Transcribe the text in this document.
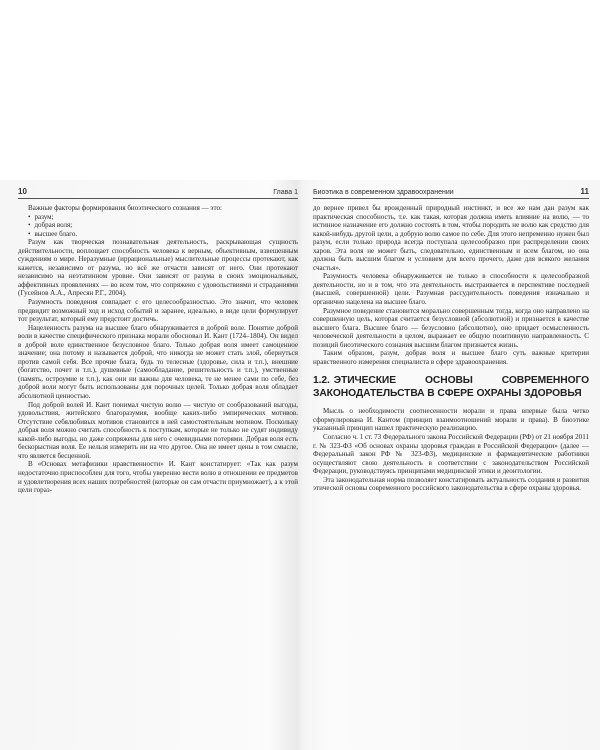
10	Глава 1

Важные факторы формирования биоэтического сознания — это:

• разум;
• добрая воля;
• высшее благо.

Разум как творческая познавательная деятельность, раскрывающая сущность действительности, воплощает способность человека к верным, объективным, взвешенным суждениям о мире. Неразумные (иррациональные) мыслительные процессы протекают, как кажется, независимо от разума, но всё же отчасти зависят от него. Они протекают независимо на неэтатинном уровне. Они зависят от разума в своих эмоциональных, аффективных проявлениях — во всем том, что сопряжено с удовольствиями и страданиями (Гусейнов А.А., Апресян Р.Г., 2004).

Разумность поведения совпадает с его целесообразностью. Это значит, что человек предвидит возможный ход и исход событий и заранее, идеально, в виде цели формулирует тот результат, который ему предстоит достичь.

Нацеленность разума на высшее благо обнаруживается в доброй воле. Понятие доброй воли в качестве специфического признака морали обосновал И. Кант (1724–1804). Он видел в доброй воле единственное безусловное благо. Только добрая воля имеет самоценное значение; она потому и называется доброй, что никогда не может стать злой, обернуться против самой себя. Все прочие блага, будь то телесные (здоровье, сила и т.п.), внешние (богатство, почет и т.п.), душевные (самообладание, решительность и т.п.), умственные (память, остроумие и т.п.), как они ни важны для человека, те не менее сами по себе, без доброй воли могут быть использованы для порочных целей. Только добрая воля обладает абсолютной ценностью.

Под доброй волей И. Кант понимал чистую волю — чистую от сообразований выгоды, удовольствия, житейского благоразумия, вообще каких-либо эмпирических мотивов. Отсутствие себялюбивых мотивов становится в ней самостоятельным мотивом. Поскольку добрая воля можно считать способность к поступкам, которые не только не судят индивиду какой-либо выгоды, но даже сопряжены для него с очевидными потерями. Добрая воля есть бескорыстная воля. Ее нельзя измерить ни на что другое. Она не имеет цены в том смысле, что является бесценной.

В «Основах метафизики нравственности» И. Кант констатирует: «Так как разум недостаточно приспособлен для того, чтобы уверенно вести волю в отношении ее предметов и удовлетворения всех наших потребностей (которые он сам отчасти приумножает), а к этой цели гораз-

Биоэтика в современном здравоохранении	11

до вернее привел бы врожденный природный инстинкт, и все же нам дан разум как практическая способность, т.е. как такая, которая должна иметь влияние на волю, — то истинное назначение его должно состоять в том, чтобы породить не волю как средство для какой-нибудь другой цели, а добрую волю самое по себе. Для этого непременно нужен был разум, если только природа всегда поступала целесообразно при распределении своих харов. Эта воля не может быть, следовательно, единственным и всем благом, но она должна быть высшим благом и условием для всего прочего, даже для всякого желания счастья».

Разумность человека обнаруживается не только в способности к целесообразной деятельности, но и в том, что эта деятельность выстраивается в перспективе последней (высшей, совершенной) цели. Разумная рассудительность поведения изначально и органично нацелена на высшее благо.

Разумное поведение становится морально совершенным тогда, когда оно направлено на совершенную цель, которая считается безусловной (абсолютной) и признается в качестве высшего блага. Высшее благо — безусловно (абсолютно), оно придает осмысленность человеческой деятельности в целом, выражает ее общую позитивную направленность. С позиций биоэтического сознания высшим благом признается жизнь.

Таким образом, разум, добрая воля и высшее благо суть важные критерии нравственного измерения специалиста в сфере здравоохранения.

1.2. ЭТИЧЕСКИЕ ОСНОВЫ СОВРЕМЕННОГО ЗАКОНОДАТЕЛЬСТВА В СФЕРЕ ОХРАНЫ ЗДОРОВЬЯ

Мысль о необходимости соотнесенности морали и права впервые была четко сформулирована И. Кантом (принцип взаимоотношений морали и права). В биоэтике указанный принцип нашел практическую реализацию.

Согласно ч. 1 ст. 73 Федерального закона Российской Федерации (РФ) от 21 ноября 2011 г. № 323-ФЗ «Об основах охраны здоровья граждан в Российской Федерации» (далее — Федеральный закон РФ № 323-ФЗ), медицинские и фармацевтические работники осуществляют свою деятельность в соответствии с законодательством Российской Федерации, руководствуясь принципами медицинской этики и деонтологии.

Эта законодательная норма позволяет констатировать актуальность создания и развития этической основы современного российского законодательства в сфере охраны здоровья.
